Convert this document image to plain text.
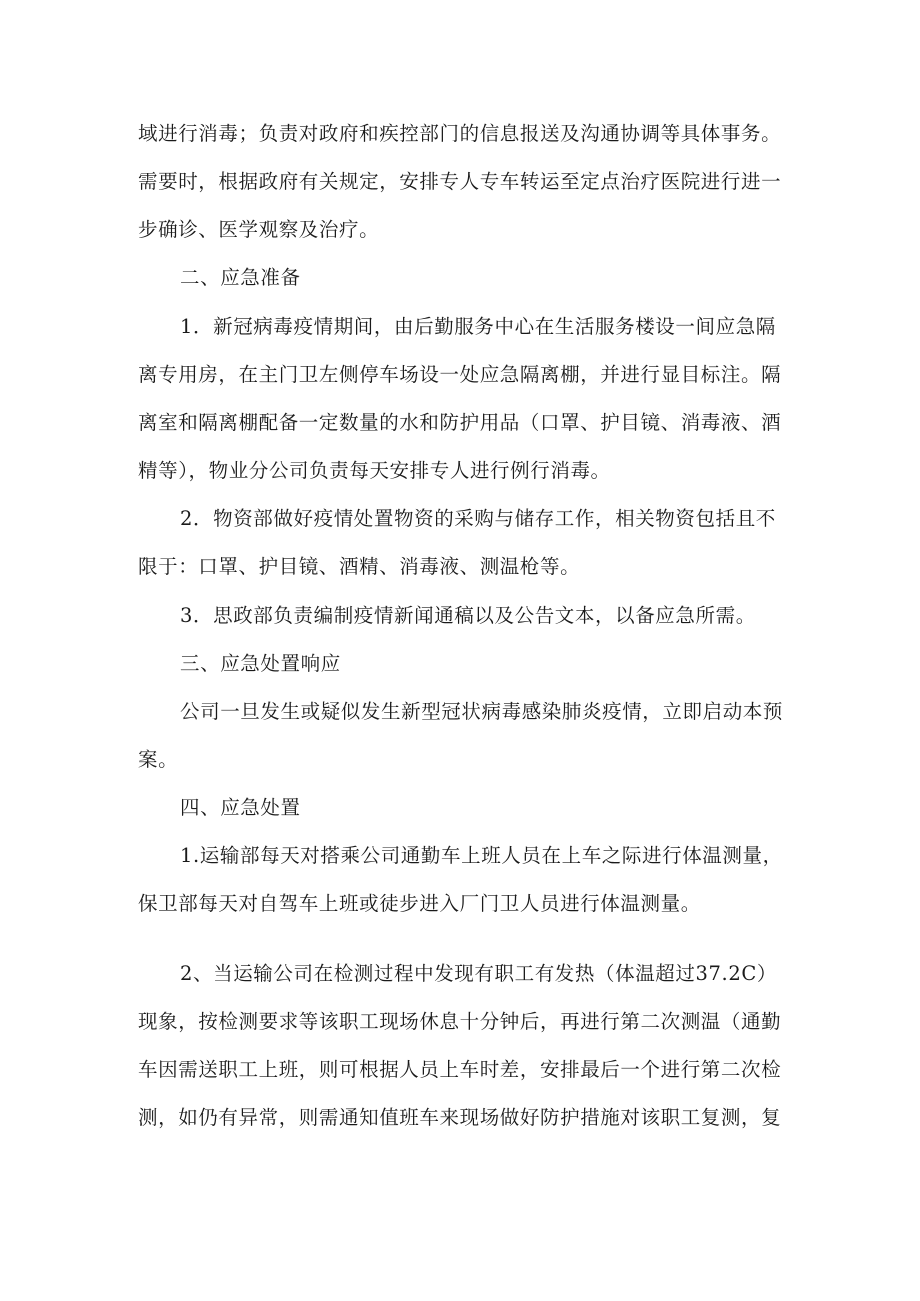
域进行消毒；负责对政府和疾控部门的信息报送及沟通协调等具体事务。
需要时，根据政府有关规定，安排专人专车转运至定点治疗医院进行进一
步确诊、医学观察及治疗。
二、应急准备
1．新冠病毒疫情期间，由后勤服务中心在生活服务楼设一间应急隔
离专用房，在主门卫左侧停车场设一处应急隔离棚，并进行显目标注。隔
离室和隔离棚配备一定数量的水和防护用品（口罩、护目镜、消毒液、酒
精等），物业分公司负责每天安排专人进行例行消毒。
2．物资部做好疫情处置物资的采购与储存工作，相关物资包括且不
限于：口罩、护目镜、酒精、消毒液、测温枪等。
3．思政部负责编制疫情新闻通稿以及公告文本，以备应急所需。
三、应急处置响应
公司一旦发生或疑似发生新型冠状病毒感染肺炎疫情，立即启动本预
案。
四、应急处置
1.运输部每天对搭乘公司通勤车上班人员在上车之际进行体温测量，
保卫部每天对自驾车上班或徒步进入厂门卫人员进行体温测量。
2、当运输公司在检测过程中发现有职工有发热（体温超过37.2C）
现象，按检测要求等该职工现场休息十分钟后，再进行第二次测温（通勤
车因需送职工上班，则可根据人员上车时差，安排最后一个进行第二次检
测，如仍有异常，则需通知值班车来现场做好防护措施对该职工复测，复
